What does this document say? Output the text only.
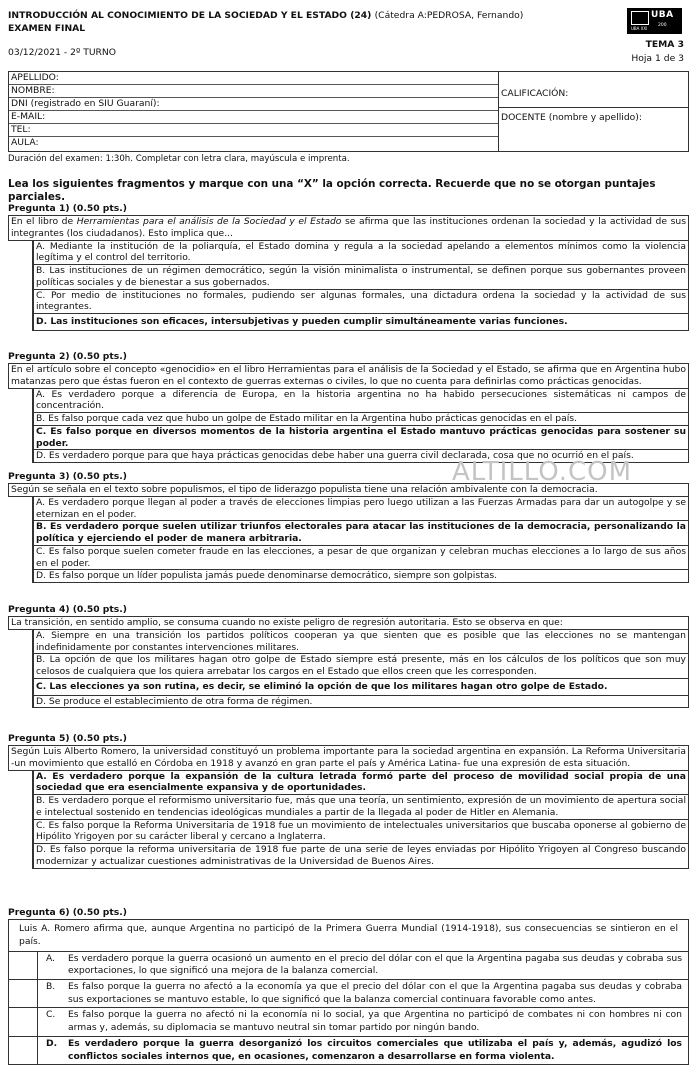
INTRODUCCIÓN AL CONOCIMIENTO DE LA SOCIEDAD Y EL ESTADO (24) (Cátedra A:PEDROSA, Fernando)
EXAMEN FINAL
03/12/2021 - 2º TURNO
UBA
200
UBA XXI
TEMA 3
Hoja 1 de 3
APELLIDO:
NOMBRE:
DNI (registrado en SIU Guaraní):
E-MAIL:
TEL:
AULA:
CALIFICACIÓN:
DOCENTE (nombre y apellido):
Duración del examen: 1:30h. Completar con letra clara, mayúscula e imprenta.
Lea los siguientes fragmentos y marque con una “X” la opción correcta. Recuerde que no se otorgan puntajes parciales.
Pregunta 1) (0.50 pts.)
En el libro de Herramientas para el análisis de la Sociedad y el Estado se afirma que las instituciones ordenan la sociedad y la actividad de sus integrantes (los ciudadanos). Esto implica que...
A. Mediante la institución de la poliarquía, el Estado domina y regula a la sociedad apelando a elementos mínimos como la violencia legítima y el control del territorio.
B. Las instituciones de un régimen democrático, según la visión minimalista o instrumental, se definen porque sus gobernantes proveen políticas sociales y de bienestar a sus gobernados.
C. Por medio de instituciones no formales, pudiendo ser algunas formales, una dictadura ordena la sociedad y la actividad de sus integrantes.
D. Las instituciones son eficaces, intersubjetivas y pueden cumplir simultáneamente varias funciones.
Pregunta 2) (0.50 pts.)
En el artículo sobre el concepto «genocidio» en el libro Herramientas para el análisis de la Sociedad y el Estado, se afirma que en Argentina hubo matanzas pero que éstas fueron en el contexto de guerras externas o civiles, lo que no cuenta para definirlas como prácticas genocidas.
A. Es verdadero porque a diferencia de Europa, en la historia argentina no ha habido persecuciones sistemáticas ni campos de concentración.
B. Es falso porque cada vez que hubo un golpe de Estado militar en la Argentina hubo prácticas genocidas en el país.
C. Es falso porque en diversos momentos de la historia argentina el Estado mantuvo prácticas genocidas para sostener su poder.
D. Es verdadero porque para que haya prácticas genocidas debe haber una guerra civil declarada, cosa que no ocurrió en el país.
ALTILLO.COM
Pregunta 3) (0.50 pts.)
Según se señala en el texto sobre populismos, el tipo de liderazgo populista tiene una relación ambivalente con la democracia.
A. Es verdadero porque llegan al poder a través de elecciones limpias pero luego utilizan a las Fuerzas Armadas para dar un autogolpe y se eternizan en el poder.
B. Es verdadero porque suelen utilizar triunfos electorales para atacar las instituciones de la democracia, personalizando la política y ejerciendo el poder de manera arbitraria.
C. Es falso porque suelen cometer fraude en las elecciones, a pesar de que organizan y celebran muchas elecciones a lo largo de sus años en el poder.
D. Es falso porque un líder populista jamás puede denominarse democrático, siempre son golpistas.
Pregunta 4) (0.50 pts.)
La transición, en sentido amplio, se consuma cuando no existe peligro de regresión autoritaria. Esto se observa en que:
A. Siempre en una transición los partidos políticos cooperan ya que sienten que es posible que las elecciones no se mantengan indefinidamente por constantes intervenciones militares.
B. La opción de que los militares hagan otro golpe de Estado siempre está presente, más en los cálculos de los políticos que son muy celosos de cualquiera que los quiera arrebatar los cargos en el Estado que ellos creen que les corresponden.
C. Las elecciones ya son rutina, es decir, se eliminó la opción de que los militares hagan otro golpe de Estado.
D. Se produce el establecimiento de otra forma de régimen.
Pregunta 5) (0.50 pts.)
Según Luis Alberto Romero, la universidad constituyó un problema importante para la sociedad argentina en expansión. La Reforma Universitaria -un movimiento que estalló en Córdoba en 1918 y avanzó en gran parte el país y América Latina- fue una expresión de esta situación.
A. Es verdadero porque la expansión de la cultura letrada formó parte del proceso de movilidad social propia de una sociedad que era esencialmente expansiva y de oportunidades.
B. Es verdadero porque el reformismo universitario fue, más que una teoría, un sentimiento, expresión de un movimiento de apertura social e intelectual sostenido en tendencias ideológicas mundiales a partir de la llegada al poder de Hitler en Alemania.
C. Es falso porque la Reforma Universitaria de 1918 fue un movimiento de intelectuales universitarios que buscaba oponerse al gobierno de Hipólito Yrigoyen por su carácter liberal y cercano a Inglaterra.
D. Es falso porque la reforma universitaria de 1918 fue parte de una serie de leyes enviadas por Hipólito Yrigoyen al Congreso buscando modernizar y actualizar cuestiones administrativas de la Universidad de Buenos Aires.
Pregunta 6) (0.50 pts.)
Luis A. Romero afirma que, aunque Argentina no participó de la Primera Guerra Mundial (1914-1918), sus consecuencias se sintieron en el país.
A.	Es verdadero porque la guerra ocasionó un aumento en el precio del dólar con el que la Argentina pagaba sus deudas y cobraba sus exportaciones, lo que significó una mejora de la balanza comercial.
B.	Es falso porque la guerra no afectó a la economía ya que el precio del dólar con el que la Argentina pagaba sus deudas y cobraba sus exportaciones se mantuvo estable, lo que significó que la balanza comercial continuara favorable como antes.
C.	Es falso porque la guerra no afectó ni la economía ni lo social, ya que Argentina no participó de combates ni con hombres ni con armas y, además, su diplomacia se mantuvo neutral sin tomar partido por ningún bando.
D.	Es verdadero porque la guerra desorganizó los circuitos comerciales que utilizaba el país y, además, agudizó los conflictos sociales internos que, en ocasiones, comenzaron a desarrollarse en forma violenta.
